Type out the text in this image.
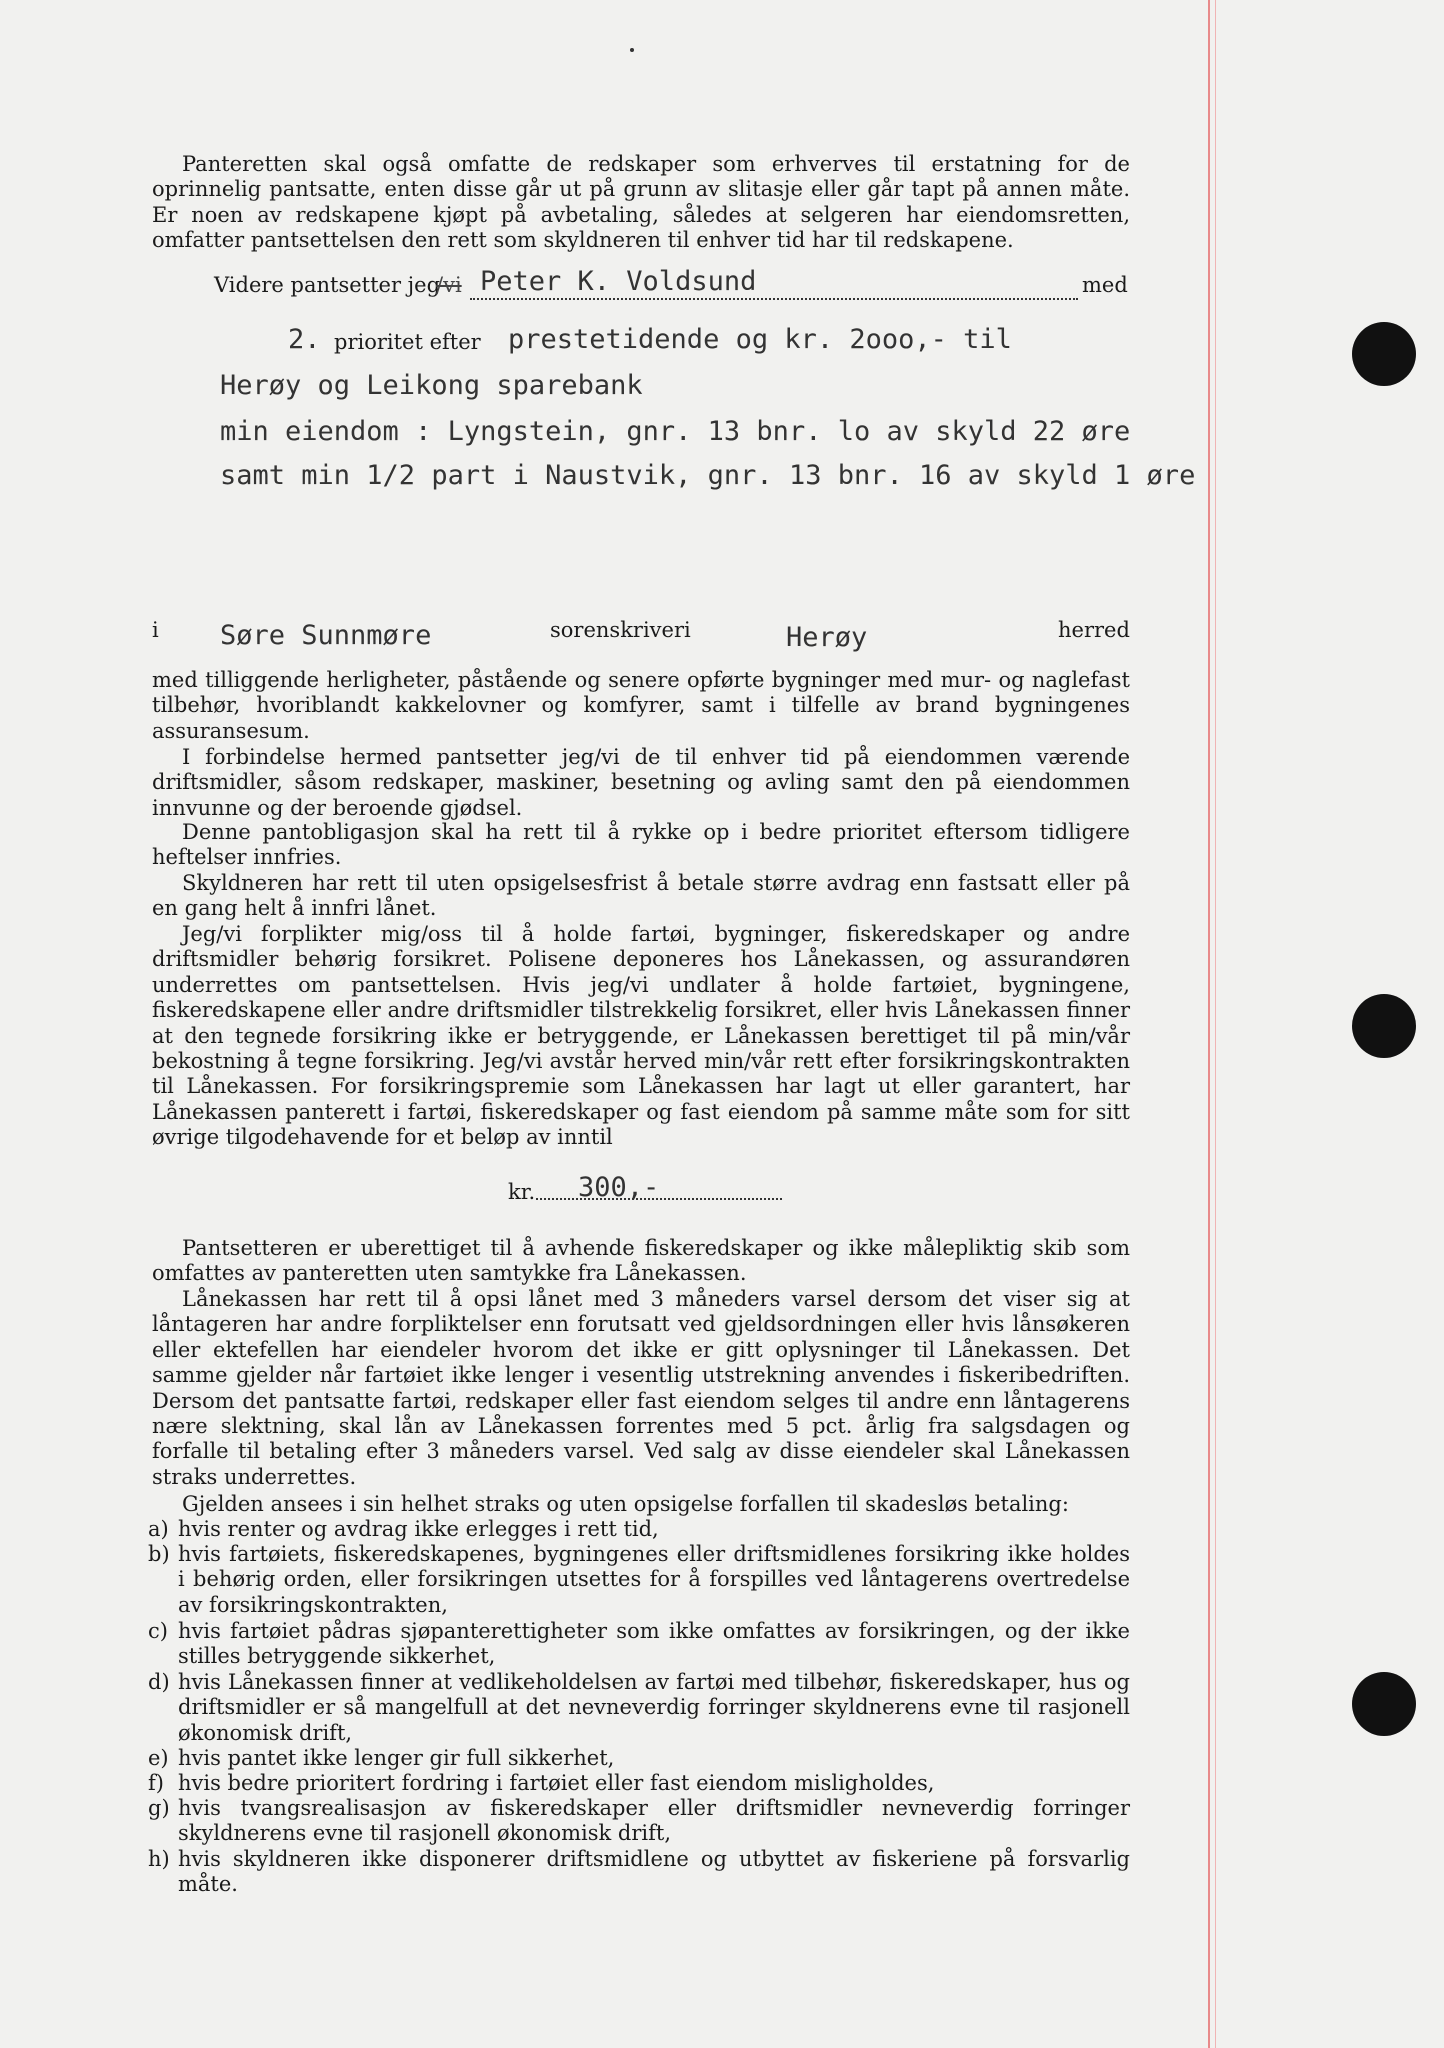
Panteretten skal også omfatte de redskaper som erhverves til erstatning for de oprinnelig pantsatte, enten disse går ut på grunn av slitasje eller går tapt på annen måte. Er noen av redskapene kjøpt på avbetaling, således at selgeren har eiendomsretten, omfatter pantsettelsen den rett som skyldneren til enhver tid har til redskapene.
Videre pantsetter jeg
/vi Peter K. Voldsund	med
2. prioritet efter prestetidende og kr. 2ooo,- til
Herøy og Leikong sparebank
min eiendom : Lyngstein, gnr. 13 bnr. lo av skyld 22 øre
samt min 1/2 part i Naustvik, gnr. 13 bnr. 16 av skyld 1 øre
i Søre Sunnmøre	sorenskriveri	Herøy	herred
med tilliggende herligheter, påstående og senere opførte bygninger med mur- og naglefast tilbehør, hvoriblandt kakkelovner og komfyrer, samt i tilfelle av brand bygningenes assuransesum.
I forbindelse hermed pantsetter jeg/vi de til enhver tid på eiendommen værende driftsmidler, såsom redskaper, maskiner, besetning og avling samt den på eiendommen innvunne og der beroende gjødsel.
Denne pantobligasjon skal ha rett til å rykke op i bedre prioritet eftersom tidligere heftelser innfries.
Skyldneren har rett til uten opsigelsesfrist å betale større avdrag enn fastsatt eller på en gang helt å innfri lånet.
Jeg/vi forplikter mig/oss til å holde fartøi, bygninger, fiskeredskaper og andre driftsmidler behørig forsikret. Polisene deponeres hos Lånekassen, og assurandøren underrettes om pantsettelsen. Hvis jeg/vi undlater å holde fartøiet, bygningene, fiskeredskapene eller andre driftsmidler tilstrekkelig forsikret, eller hvis Lånekassen finner at den tegnede forsikring ikke er betryggende, er Lånekassen berettiget til på min/vår bekostning å tegne forsikring. Jeg/vi avstår herved min/vår rett efter forsikringskontrakten til Lånekassen. For forsikringspremie som Lånekassen har lagt ut eller garantert, har Lånekassen panterett i fartøi, fiskeredskaper og fast eiendom på samme måte som for sitt øvrige tilgodehavende for et beløp av inntil
kr. 300,-
Pantsetteren er uberettiget til å avhende fiskeredskaper og ikke målepliktig skib som omfattes av panteretten uten samtykke fra Lånekassen.
Lånekassen har rett til å opsi lånet med 3 måneders varsel dersom det viser sig at låntageren har andre forpliktelser enn forutsatt ved gjeldsordningen eller hvis lånsøkeren eller ektefellen har eiendeler hvorom det ikke er gitt oplysninger til Lånekassen. Det samme gjelder når fartøiet ikke lenger i vesentlig utstrekning anvendes i fiskeribedriften. Dersom det pantsatte fartøi, redskaper eller fast eiendom selges til andre enn låntagerens nære slektning, skal lån av Lånekassen forrentes med 5 pct. årlig fra salgsdagen og forfalle til betaling efter 3 måneders varsel. Ved salg av disse eiendeler skal Lånekassen straks underrettes.
Gjelden ansees i sin helhet straks og uten opsigelse forfallen til skadesløs betaling:
a) hvis renter og avdrag ikke erlegges i rett tid,
b) hvis fartøiets, fiskeredskapenes, bygningenes eller driftsmidlenes forsikring ikke holdes i behørig orden, eller forsikringen utsettes for å forspilles ved låntagerens overtredelse av forsikringskontrakten,
c) hvis fartøiet pådras sjøpanterettigheter som ikke omfattes av forsikringen, og der ikke stilles betryggende sikkerhet,
d) hvis Lånekassen finner at vedlikeholdelsen av fartøi med tilbehør, fiskeredskaper, hus og driftsmidler er så mangelfull at det nevneverdig forringer skyldnerens evne til rasjonell økonomisk drift,
e) hvis pantet ikke lenger gir full sikkerhet,
f) hvis bedre prioritert fordring i fartøiet eller fast eiendom misligholdes,
g) hvis tvangsrealisasjon av fiskeredskaper eller driftsmidler nevneverdig forringer skyldnerens evne til rasjonell økonomisk drift,
h) hvis skyldneren ikke disponerer driftsmidlene og utbyttet av fiskeriene på forsvarlig måte.
